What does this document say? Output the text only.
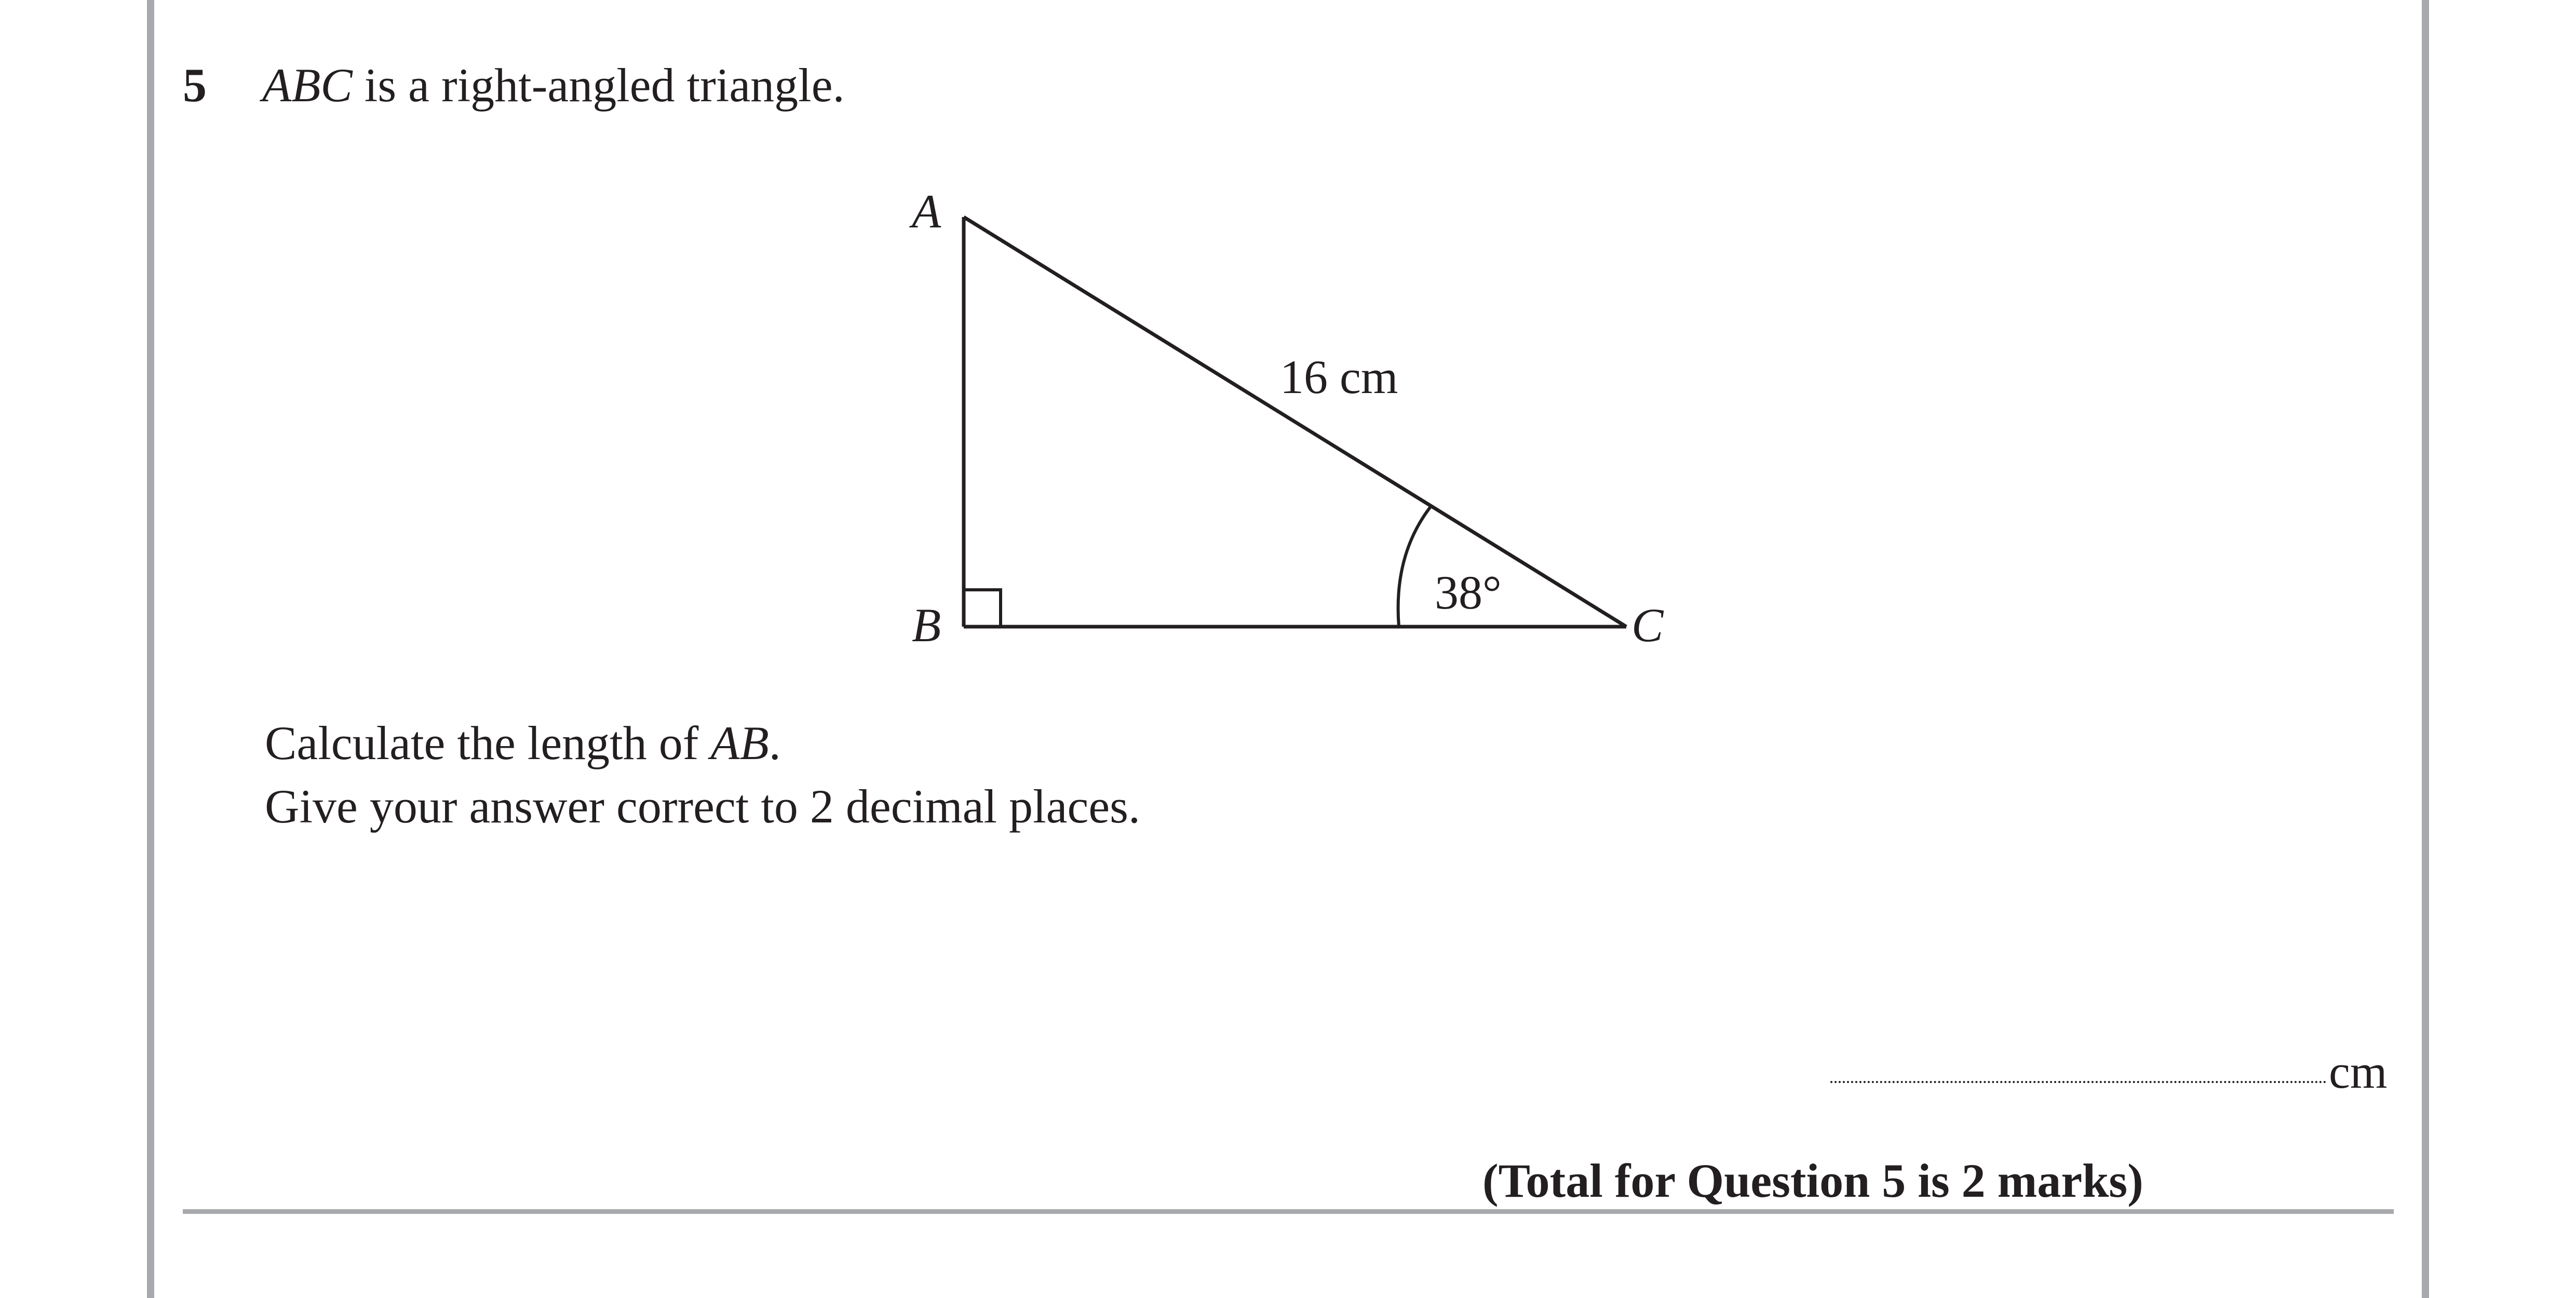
5 ABC is a right-angled triangle.
A
B	C
16 cm
38°
Calculate the length of AB.
Give your answer correct to 2 decimal places.
cm
(Total for Question 5 is 2 marks)
